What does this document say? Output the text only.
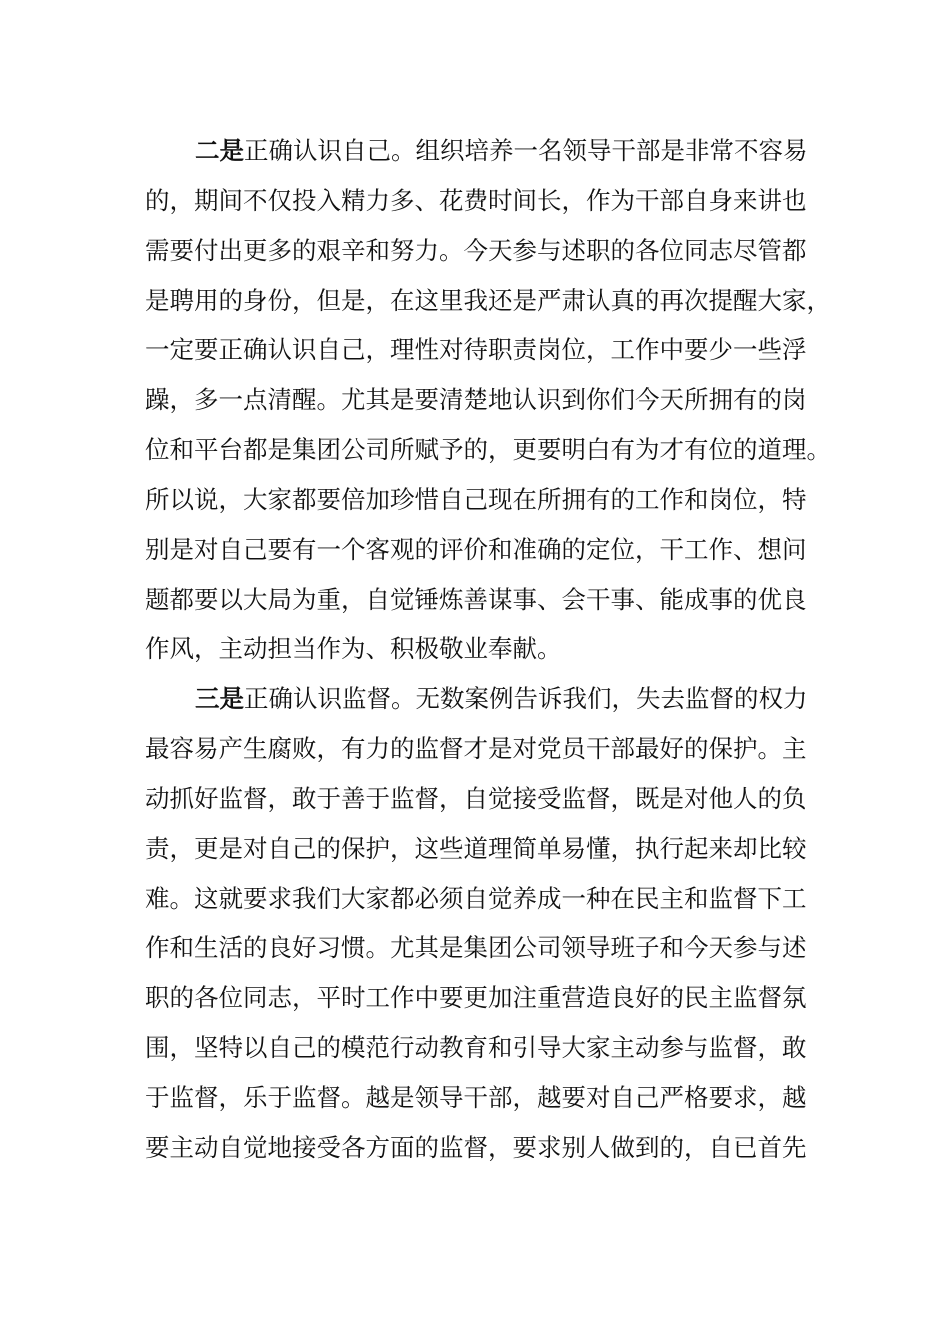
二是正确认识自己。组织培养一名领导干部是非常不容易
的，期间不仅投入精力多、花费时间长，作为干部自身来讲也
需要付出更多的艰辛和努力。今天参与述职的各位同志尽管都
是聘用的身份，但是，在这里我还是严肃认真的再次提醒大家，
一定要正确认识自己，理性对待职责岗位，工作中要少一些浮
躁，多一点清醒。尤其是要清楚地认识到你们今天所拥有的岗
位和平台都是集团公司所赋予的，更要明白有为才有位的道理。
所以说，大家都要倍加珍惜自己现在所拥有的工作和岗位，特
别是对自己要有一个客观的评价和准确的定位，干工作、想问
题都要以大局为重，自觉锤炼善谋事、会干事、能成事的优良
作风，主动担当作为、积极敬业奉献。
三是正确认识监督。无数案例告诉我们，失去监督的权力
最容易产生腐败，有力的监督才是对党员干部最好的保护。主
动抓好监督，敢于善于监督，自觉接受监督，既是对他人的负
责，更是对自己的保护，这些道理简单易懂，执行起来却比较
难。这就要求我们大家都必须自觉养成一种在民主和监督下工
作和生活的良好习惯。尤其是集团公司领导班子和今天参与述
职的各位同志，平时工作中要更加注重营造良好的民主监督氛
围，坚特以自己的模范行动教育和引导大家主动参与监督，敢
于监督，乐于监督。越是领导干部，越要对自己严格要求，越
要主动自觉地接受各方面的监督，要求别人做到的，自已首先
